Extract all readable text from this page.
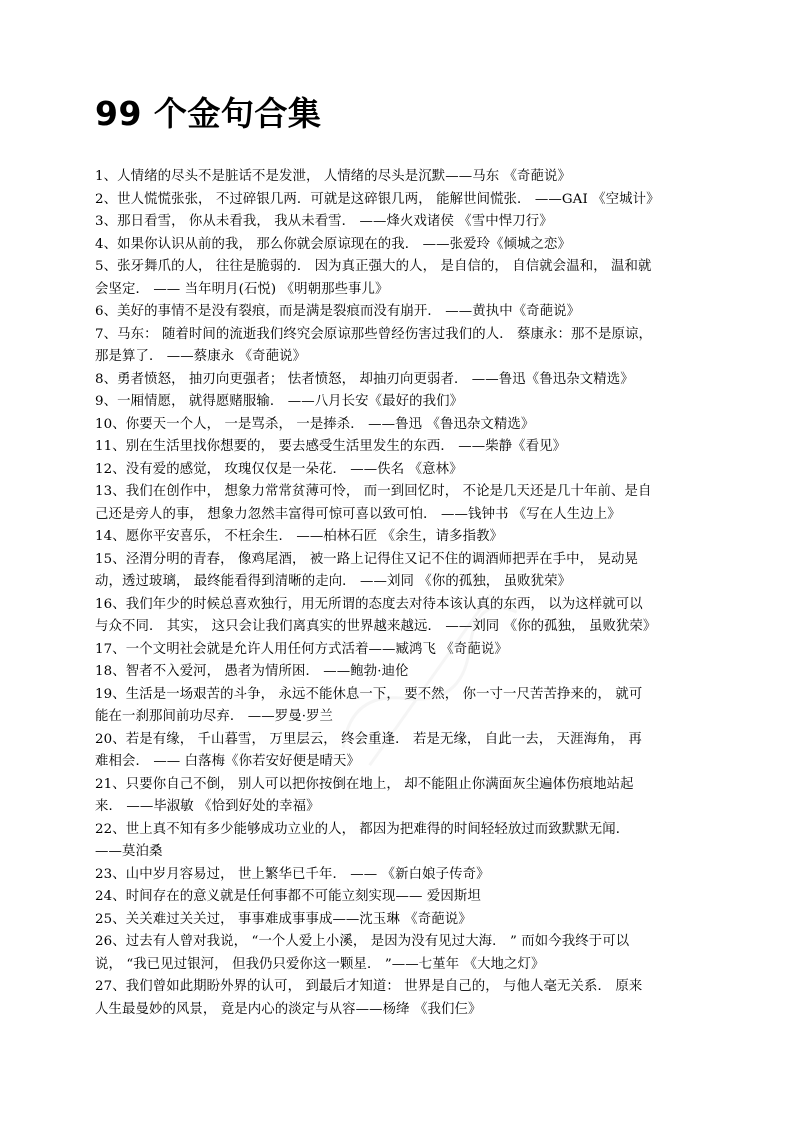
99 个金句合集

1、人情绪的尽头不是脏话不是发泄， 人情绪的尽头是沉默——马东 《奇葩说》

2、世人慌慌张张， 不过碎银几两．可就是这碎银几两， 能解世间慌张． ——GAI 《空城计》

3、那日看雪， 你从未看我， 我从未看雪． ——烽火戏诸侯 《雪中悍刀行》

4、如果你认识从前的我， 那么你就会原谅现在的我． ——张爱玲《倾城之恋》

5、张牙舞爪的人， 往往是脆弱的． 因为真正强大的人， 是自信的， 自信就会温和， 温和就会坚定． —— 当年明月(石悦) 《明朝那些事儿》

6、美好的事情不是没有裂痕，而是满是裂痕而没有崩开． ——黄执中《奇葩说》

7、马东： 随着时间的流逝我们终究会原谅那些曾经伤害过我们的人． 蔡康永：那不是原谅，那是算了． ——蔡康永 《奇葩说》

8、勇者愤怒， 抽刃向更强者； 怯者愤怒， 却抽刃向更弱者． ——鲁迅《鲁迅杂文精选》9、一厢情愿， 就得愿赌服输． ——八月长安《最好的我们》

10、你要天一个人， 一是骂杀， 一是捧杀． ——鲁迅 《鲁迅杂文精选》

11、别在生活里找你想要的， 要去感受生活里发生的东西． ——柴静《看见》

12、没有爱的感觉， 玫瑰仅仅是一朵花． ——佚名 《意林》

13、我们在创作中， 想象力常常贫薄可怜， 而一到回忆时， 不论是几天还是几十年前、是自己还是旁人的事， 想象力忽然丰富得可惊可喜以致可怕． ——钱钟书 《写在人生边上》

14、愿你平安喜乐， 不枉余生． ——柏林石匠 《余生，请多指教》

15、泾渭分明的青春， 像鸡尾酒， 被一路上记得住又记不住的调酒师把弄在手中， 晃动晃动，透过玻璃， 最终能看得到清晰的走向． ——刘同 《你的孤独， 虽败犹荣》

16、我们年少的时候总喜欢独行，用无所谓的态度去对待本该认真的东西， 以为这样就可以与众不同． 其实， 这只会让我们离真实的世界越来越远． ——刘同 《你的孤独， 虽败犹荣》

17、一个文明社会就是允许人用任何方式活着——臧鸿飞 《奇葩说》

18、智者不入爱河， 愚者为情所困． ——鲍勃·迪伦

19、生活是一场艰苦的斗争， 永远不能休息一下， 要不然， 你一寸一尺苦苦挣来的， 就可能在一刹那间前功尽弃． ——罗曼·罗兰

20、若是有缘， 千山暮雪， 万里层云， 终会重逢． 若是无缘， 自此一去， 天涯海角， 再难相会． —— 白落梅《你若安好便是晴天》

21、只要你自己不倒， 别人可以把你按倒在地上， 却不能阻止你满面灰尘遍体伤痕地站起来． ——毕淑敏 《恰到好处的幸福》

22、世上真不知有多少能够成功立业的人， 都因为把难得的时间轻轻放过而致默默无闻． ——莫泊桑

23、山中岁月容易过， 世上繁华已千年． —— 《新白娘子传奇》

24、时间存在的意义就是任何事都不可能立刻实现—— 爱因斯坦

25、关关难过关关过， 事事难成事事成——沈玉琳 《奇葩说》

26、过去有人曾对我说， “一个人爱上小溪， 是因为没有见过大海． ” 而如今我终于可以说， “我已见过银河， 但我仍只爱你这一颗星． ”——七堇年 《大地之灯》

27、我们曾如此期盼外界的认可， 到最后才知道： 世界是自己的， 与他人毫无关系． 原来人生最曼妙的风景， 竟是内心的淡定与从容——杨绛 《我们仨》
